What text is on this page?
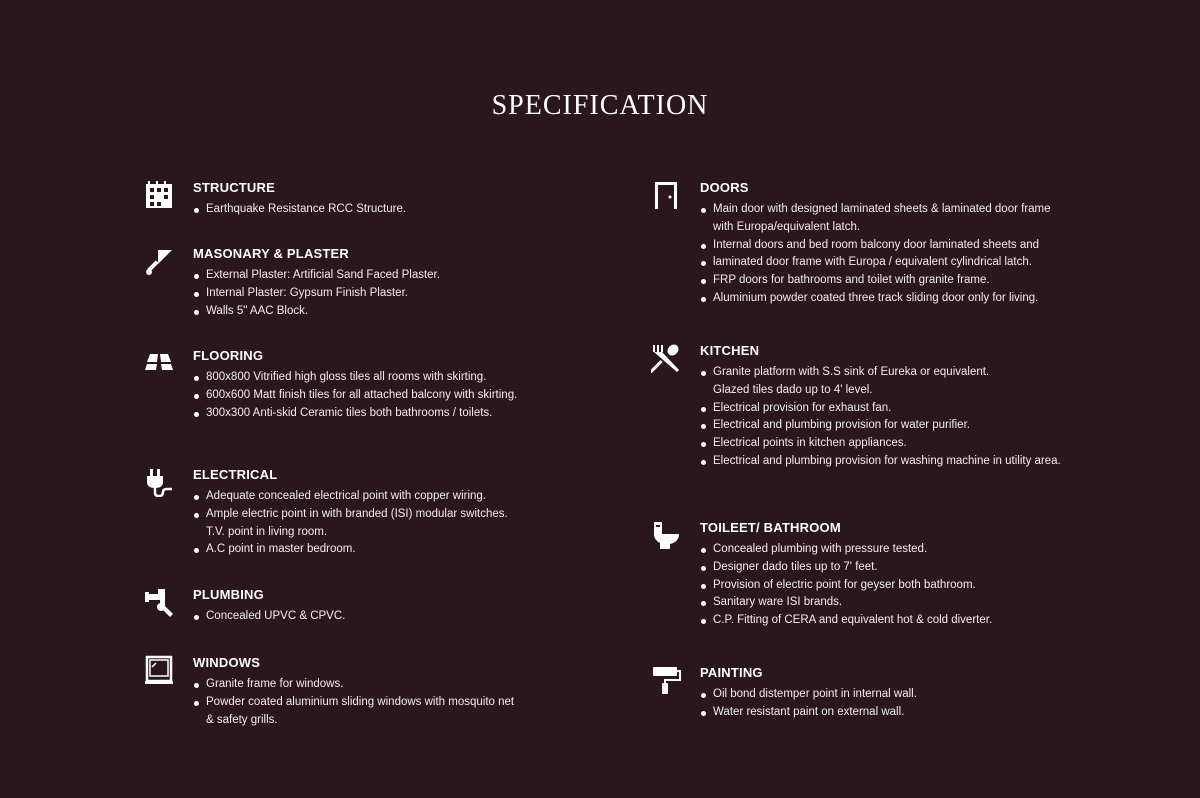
SPECIFICATION
STRUCTURE
Earthquake Resistance RCC Structure.
MASONARY & PLASTER
External Plaster: Artificial Sand Faced Plaster.
Internal Plaster: Gypsum Finish Plaster.
Walls 5" AAC Block.
FLOORING
800x800 Vitrified high gloss tiles all rooms with skirting.
600x600 Matt finish tiles for all attached balcony with skirting.
300x300 Anti-skid Ceramic tiles both bathrooms / toilets.
ELECTRICAL
Adequate concealed electrical point with copper wiring.
Ample electric point in with branded (ISI) modular switches.
T.V. point in living room.
A.C point in master bedroom.
PLUMBING
Concealed UPVC & CPVC.
WINDOWS
Granite frame for windows.
Powder coated aluminium sliding windows with mosquito net & safety grills.
DOORS
Main door with designed laminated sheets & laminated door frame with Europa/equivalent latch.
Internal doors and bed room balcony door laminated sheets and
laminated door frame with Europa / equivalent cylindrical latch.
FRP doors for bathrooms and toilet with granite frame.
Aluminium powder coated three track sliding door only for living.
KITCHEN
Granite platform with S.S sink of Eureka or equivalent.
Glazed tiles dado up to 4' level.
Electrical provision for exhaust fan.
Electrical and plumbing provision for water purifier.
Electrical points in kitchen appliances.
Electrical and plumbing provision for washing machine in utility area.
TOILEET/ BATHROOM
Concealed plumbing with pressure tested.
Designer dado tiles up to 7' feet.
Provision of electric point for geyser both bathroom.
Sanitary ware ISI brands.
C.P. Fitting of CERA and equivalent hot & cold diverter.
PAINTING
Oil bond distemper point in internal wall.
Water resistant paint on external wall.
